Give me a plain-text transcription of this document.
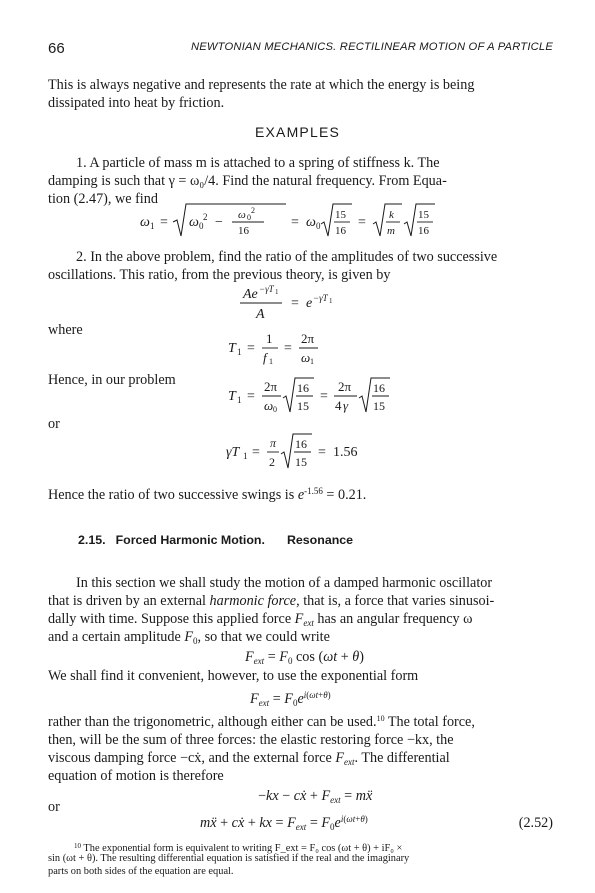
66	NEWTONIAN MECHANICS. RECTILINEAR MOTION OF A PARTICLE
This is always negative and represents the rate at which the energy is being
dissipated into heat by friction.
EXAMPLES
1. A particle of mass m is attached to a spring of stiffness k. The
damping is such that γ = ω₀/4. Find the natural frequency. From Equa-
tion (2.47), we find
ω 1 = ω 0
2 − ω 0
2
16
= ω 0
15
16
= k
m
15
16
2. In the above problem, find the ratio of the amplitudes of two successive
oscillations. This ratio, from the previous theory, is given by
Ae −γT 1
A
= e −γT 1
where
T 1 =
1
f 1
=
2π
ω 1
Hence, in our problem
T 1 =
2π
ω 0
16
15
=
2π
4 γ
16
15
or
γT 1 =
π
2
16
15
= 1.56
Hence the ratio of two successive swings is $e^{-1.56} = 0.21$.
2.15. Forced Harmonic Motion. Resonance
In this section we shall study the motion of a damped harmonic oscillator
that is driven by an external harmonic force, that is, a force that varies sinusoi-
dally with time. Suppose this applied force $F_{ext}$ has an angular frequency ω
and a certain amplitude $F_0$, so that we could write
$F_{ext} = F_0$ cos (ωt + θ)
We shall find it convenient, however, to use the exponential form
$F_{ext} = F_0e^{i(\omega t+\theta)}$
rather than the trigonometric, although either can be used.$^{10}$ The total force,
then, will be the sum of three forces: the elastic restoring force −kx, the
viscous damping force −cẋ, and the external force $F_{ext}$. The differential
equation of motion is therefore
−kx − cẋ + $F_{ext}$ = mẍ
or
mẍ + cẋ + kx = $F_{ext} = F_0e^{i(\omega t+\theta)}$	(2.52)
$^{10}$ The exponential form is equivalent to writing F_ext = F₀ cos (ωt + θ) + iF₀ ×
sin (ωt + θ). The resulting differential equation is satisfied if the real and the imaginary
parts on both sides of the equation are equal.
